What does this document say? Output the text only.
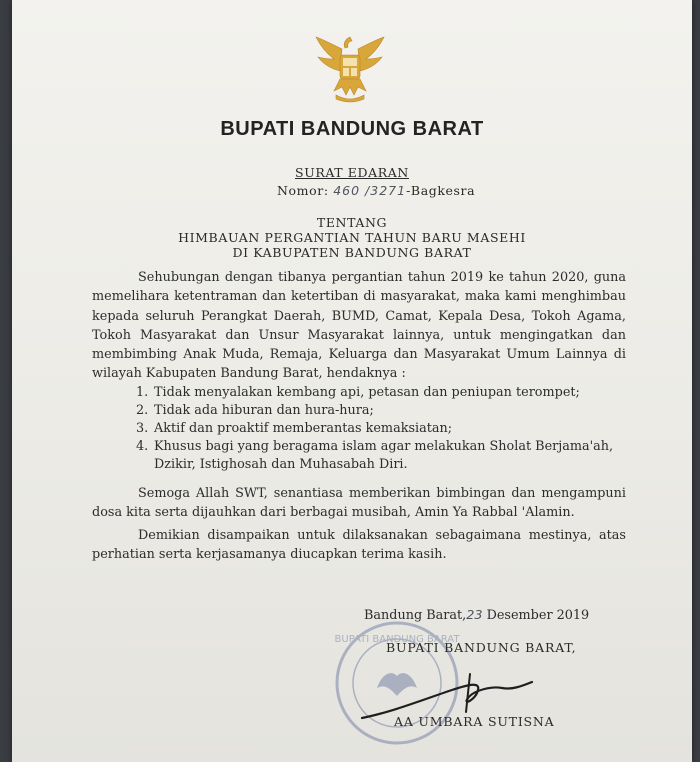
BUPATI BANDUNG BARAT
SURAT EDARAN
Nomor: 460 /3271-Bagkesra
TENTANG
HIMBAUAN PERGANTIAN TAHUN BARU MASEHI
DI KABUPATEN BANDUNG BARAT
Sehubungan dengan tibanya pergantian tahun 2019 ke tahun 2020, guna memelihara ketentraman dan ketertiban di masyarakat, maka kami menghimbau kepada seluruh Perangkat Daerah, BUMD, Camat, Kepala Desa, Tokoh Agama, Tokoh Masyarakat dan Unsur Masyarakat lainnya, untuk mengingatkan dan membimbing Anak Muda, Remaja, Keluarga dan Masyarakat Umum Lainnya di wilayah Kabupaten Bandung Barat, hendaknya :
1. Tidak menyalakan kembang api, petasan dan peniupan terompet;
2. Tidak ada hiburan dan hura-hura;
3. Aktif dan proaktif memberantas kemaksiatan;
4. Khusus bagi yang beragama islam agar melakukan Sholat Berjama'ah, Dzikir, Istighosah dan Muhasabah Diri.
Semoga Allah SWT, senantiasa memberikan bimbingan dan mengampuni dosa kita serta dijauhkan dari berbagai musibah, Amin Ya Rabbal 'Alamin.
Demikian disampaikan untuk dilaksanakan sebagaimana mestinya, atas perhatian serta kerjasamanya diucapkan terima kasih.
Bandung Barat,23 Desember 2019
BUPATI BANDUNG BARAT
BUPATI BANDUNG BARAT,
AA UMBARA SUTISNA
